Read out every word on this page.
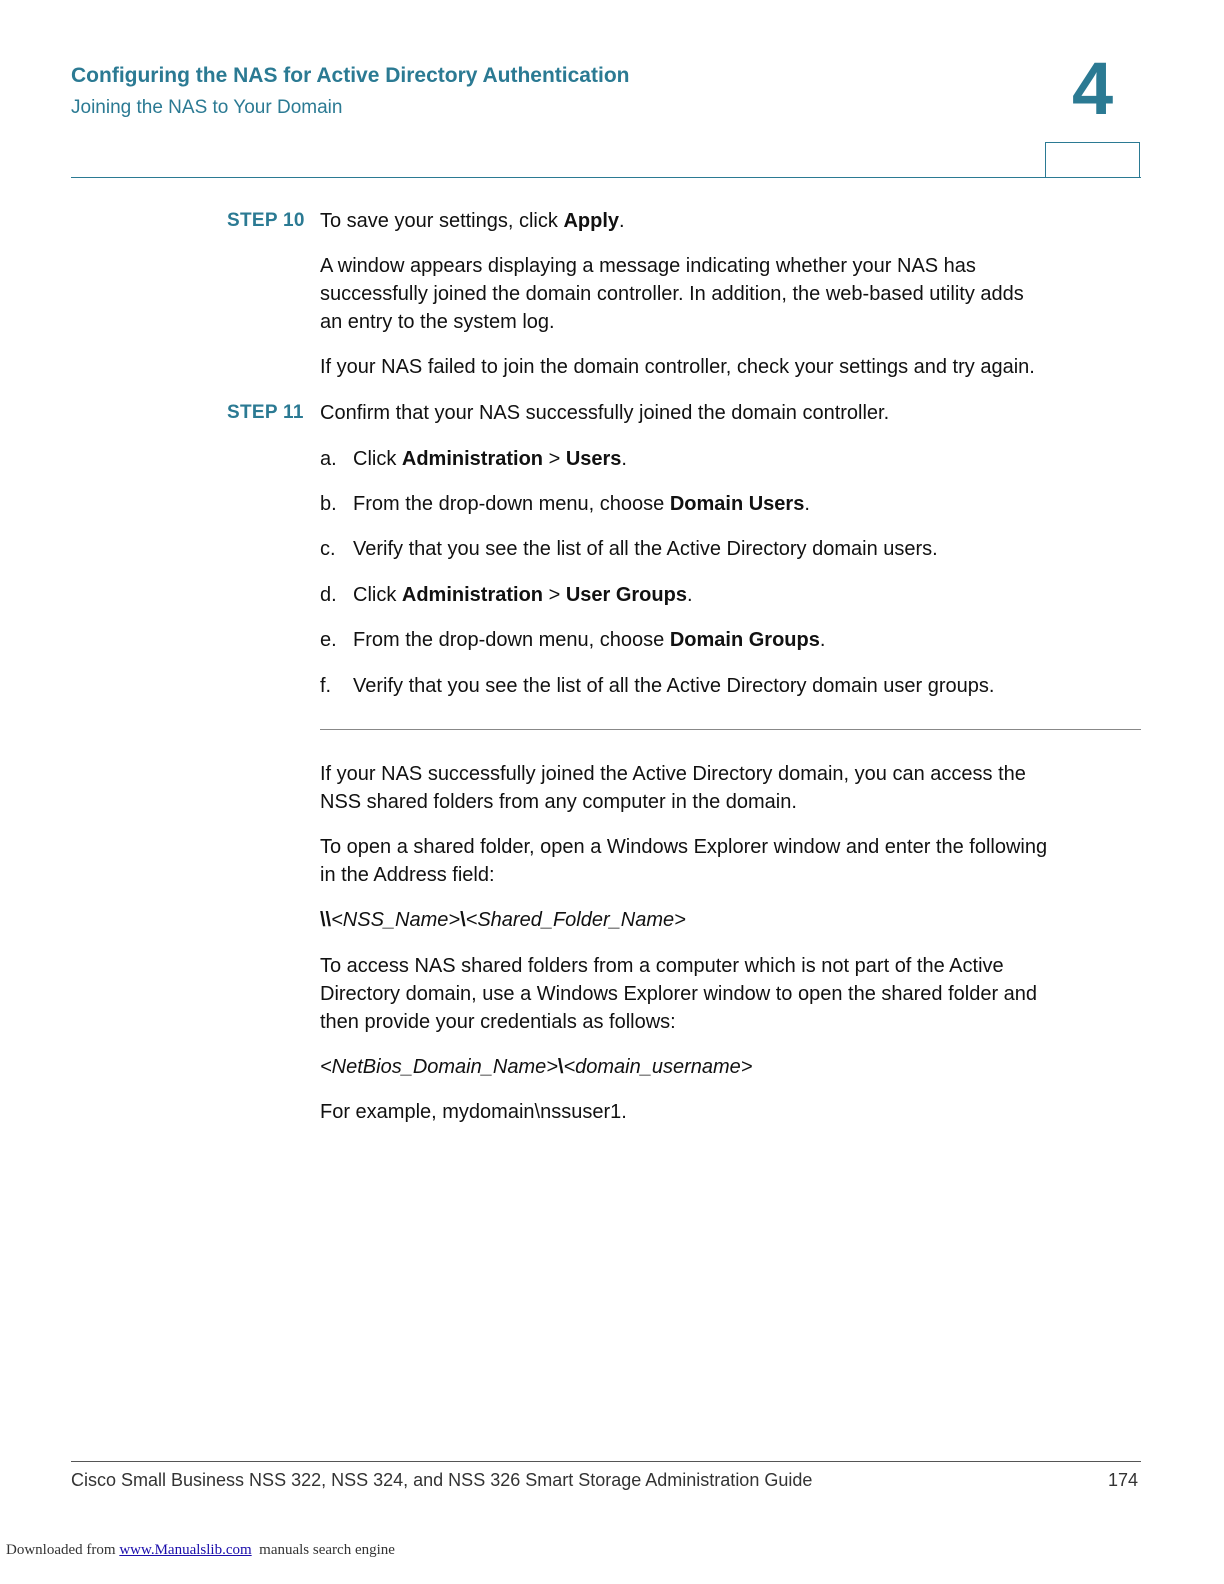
Configuring the NAS for Active Directory Authentication
Joining the NAS to Your Domain	4
STEP 10 To save your settings, click Apply.
A window appears displaying a message indicating whether your NAS has
successfully joined the domain controller. In addition, the web-based utility adds
an entry to the system log.
If your NAS failed to join the domain controller, check your settings and try again.
STEP 11 Confirm that your NAS successfully joined the domain controller.
a. Click Administration > Users.
b. From the drop-down menu, choose Domain Users.
c. Verify that you see the list of all the Active Directory domain users.
d. Click Administration > User Groups.
e. From the drop-down menu, choose Domain Groups.
f. Verify that you see the list of all the Active Directory domain user groups.
If your NAS successfully joined the Active Directory domain, you can access the
NSS shared folders from any computer in the domain.
To open a shared folder, open a Windows Explorer window and enter the following
in the Address field:
\\<NSS_Name>\<Shared_Folder_Name>
To access NAS shared folders from a computer which is not part of the Active
Directory domain, use a Windows Explorer window to open the shared folder and
then provide your credentials as follows:
<NetBios_Domain_Name>\<domain_username>
For example, mydomain\nssuser1.
Cisco Small Business NSS 322, NSS 324, and NSS 326 Smart Storage Administration Guide	174
Downloaded from www.Manualslib.com  manuals search engine
